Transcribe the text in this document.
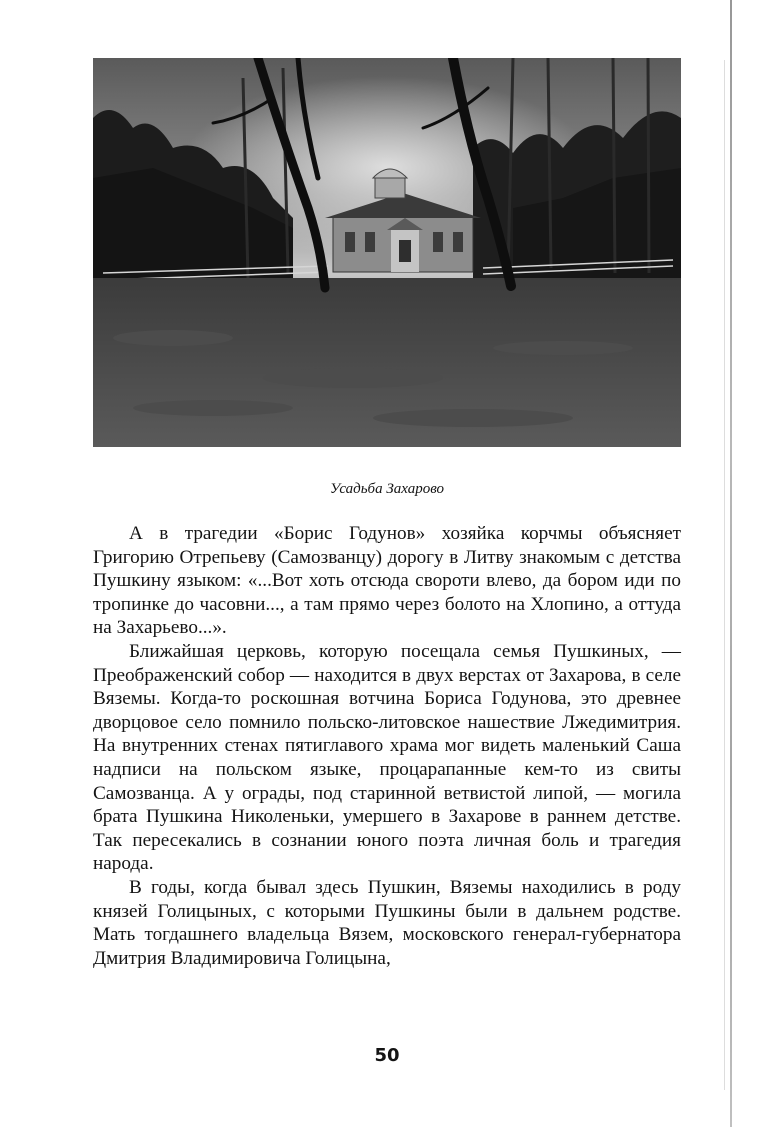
Усадьба Захарово

А в трагедии «Борис Годунов» хозяйка корчмы объясняет Григорию Отрепьеву (Самозванцу) дорогу в Литву знакомым с детства Пушкину языком: «...Вот хоть отсюда свороти влево, да бором иди по тропинке до часовни..., а там прямо через болото на Хлопино, а оттуда на Захарьево...».

Ближайшая церковь, которую посещала семья Пушкиных, — Преображенский собор — находится в двух верстах от Захарова, в селе Вяземы. Когда-то роскошная вотчина Бориса Годунова, это древнее дворцовое село помнило польско-литовское нашествие Лжедимитрия. На внутренних стенах пятиглавого храма мог видеть маленький Саша надписи на польском языке, процарапанные кем-то из свиты Самозванца. А у ограды, под старинной ветвистой липой, — могила брата Пушкина Николеньки, умершего в Захарове в раннем детстве. Так пересекались в сознании юного поэта личная боль и трагедия народа.

В годы, когда бывал здесь Пушкин, Вяземы находились в роду князей Голицыных, с которыми Пушкины были в дальнем родстве. Мать тогдашнего владельца Вязем, московского генерал-губернатора Дмитрия Владимировича Голицына,

50
